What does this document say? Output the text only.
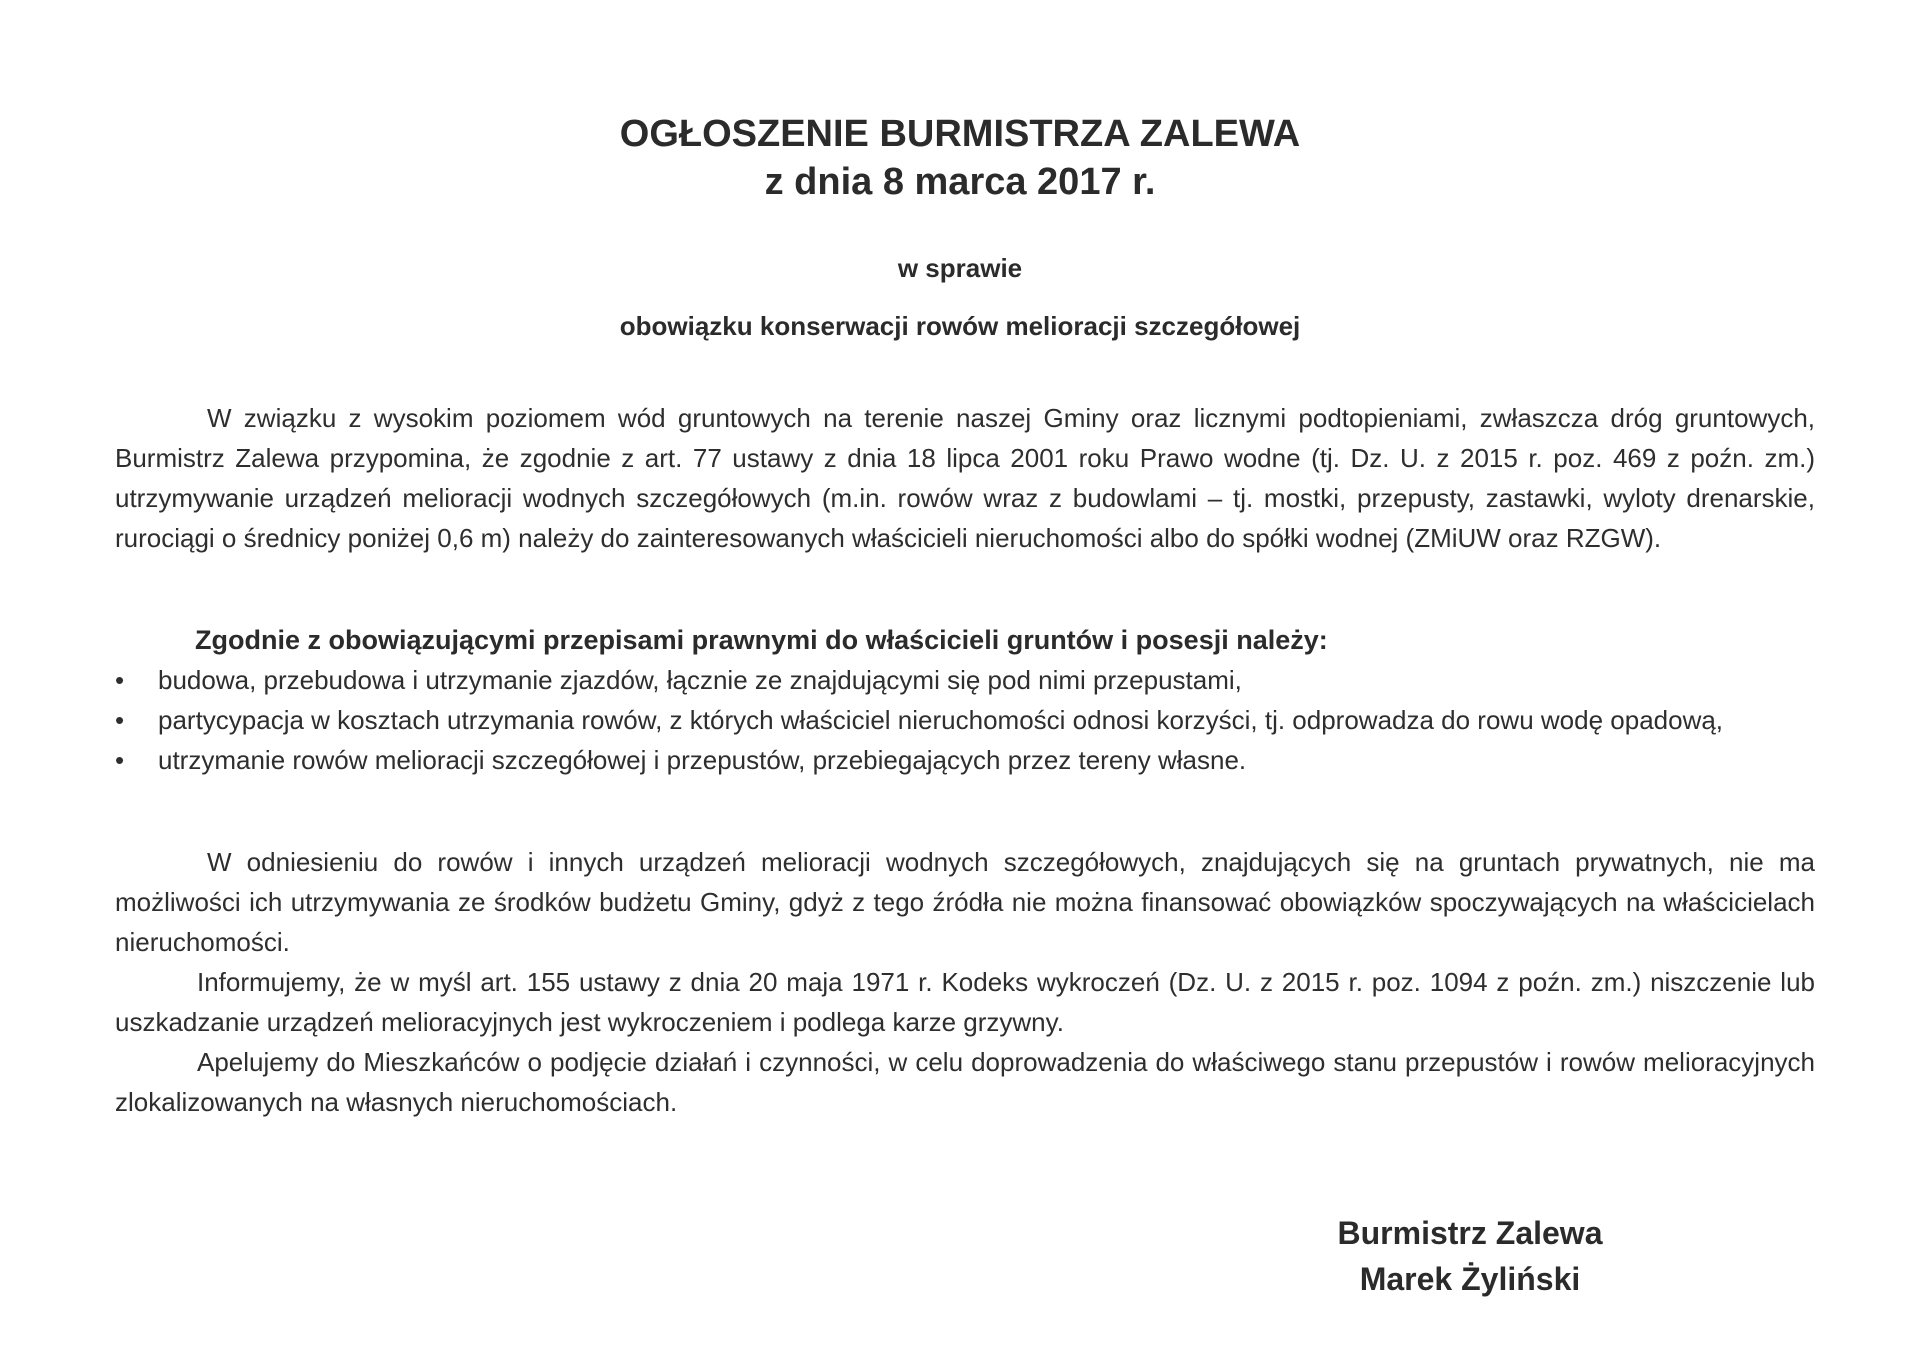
OGŁOSZENIE BURMISTRZA ZALEWA
z dnia 8 marca 2017 r.
w sprawie
obowiązku konserwacji rowów melioracji szczegółowej

W związku z wysokim poziomem wód gruntowych na terenie naszej Gminy oraz licznymi podtopieniami, zwłaszcza dróg gruntowych, Burmistrz Zalewa przypomina, że zgodnie z art. 77 ustawy z dnia 18 lipca 2001 roku Prawo wodne (tj. Dz. U. z 2015 r. poz. 469 z poźn. zm.) utrzymywanie urządzeń melioracji wodnych szczegółowych (m.in. rowów wraz z budowlami – tj. mostki, przepusty, zastawki, wyloty drenarskie, rurociągi o średnicy poniżej 0,6 m) należy do zainteresowanych właścicieli nieruchomości albo do spółki wodnej (ZMiUW oraz RZGW).

Zgodnie z obowiązującymi przepisami prawnymi do właścicieli gruntów i posesji należy:

• budowa, przebudowa i utrzymanie zjazdów, łącznie ze znajdującymi się pod nimi przepustami,
• partycypacja w kosztach utrzymania rowów, z których właściciel nieruchomości odnosi korzyści, tj. odprowadza do rowu wodę opadową,
• utrzymanie rowów melioracji szczegółowej i przepustów, przebiegających przez tereny własne.

W odniesieniu do rowów i innych urządzeń melioracji wodnych szczegółowych, znajdujących się na gruntach prywatnych, nie ma możliwości ich utrzymywania ze środków budżetu Gminy, gdyż z tego źródła nie można finansować obowiązków spoczywających na właścicielach nieruchomości.

Informujemy, że w myśl art. 155 ustawy z dnia 20 maja 1971 r. Kodeks wykroczeń (Dz. U. z 2015 r. poz. 1094 z poźn. zm.) niszczenie lub uszkadzanie urządzeń melioracyjnych jest wykroczeniem i podlega karze grzywny.

Apelujemy do Mieszkańców o podjęcie działań i czynności, w celu doprowadzenia do właściwego stanu przepustów i rowów melioracyjnych zlokalizowanych na własnych nieruchomościach.

Burmistrz Zalewa
Marek Żyliński
